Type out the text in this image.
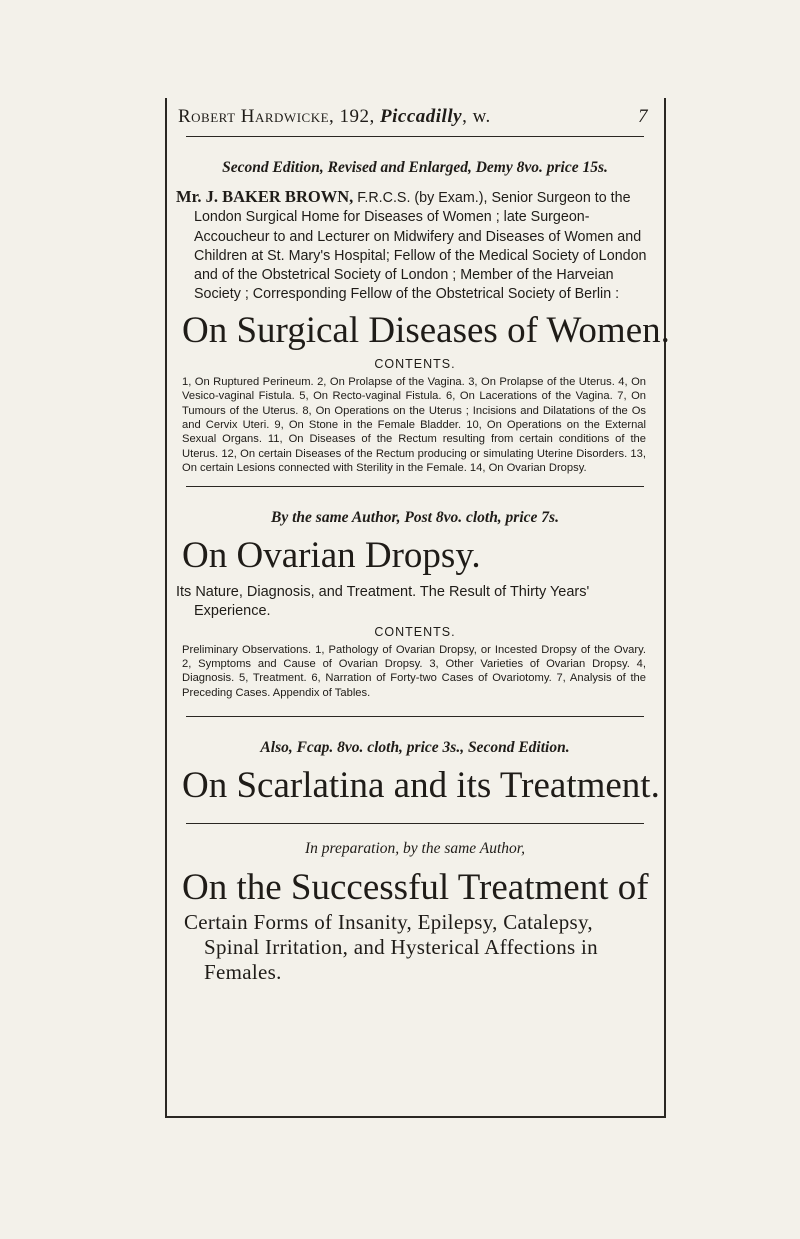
Robert Hardwicke, 192, Piccadilly, w.	7
Second Edition, Revised and Enlarged, Demy 8vo. price 15s.
Mr. J. BAKER BROWN, F.R.C.S. (by Exam.), Senior Surgeon to the London Surgical Home for Diseases of Women ; late Surgeon-Accoucheur to and Lecturer on Midwifery and Diseases of Women and Children at St. Mary's Hospital; Fellow of the Medical Society of London and of the Obstetrical Society of London ; Member of the Harveian Society ; Corresponding Fellow of the Obstetrical Society of Berlin :
On Surgical Diseases of Women.
CONTENTS.
1, On Ruptured Perineum. 2, On Prolapse of the Vagina. 3, On Prolapse of the Uterus. 4, On Vesico-vaginal Fistula. 5, On Recto-vaginal Fistula. 6, On Lacerations of the Vagina. 7, On Tumours of the Uterus. 8, On Operations on the Uterus ; Incisions and Dilatations of the Os and Cervix Uteri. 9, On Stone in the Female Bladder. 10, On Operations on the External Sexual Organs. 11, On Diseases of the Rectum resulting from certain conditions of the Uterus. 12, On certain Diseases of the Rectum producing or simulating Uterine Disorders. 13, On certain Lesions connected with Sterility in the Female. 14, On Ovarian Dropsy.
By the same Author, Post 8vo. cloth, price 7s.
On Ovarian Dropsy.
Its Nature, Diagnosis, and Treatment. The Result of Thirty Years' Experience.
CONTENTS.
Preliminary Observations. 1, Pathology of Ovarian Dropsy, or Incested Dropsy of the Ovary. 2, Symptoms and Cause of Ovarian Dropsy. 3, Other Varieties of Ovarian Dropsy. 4, Diagnosis. 5, Treatment. 6, Narration of Forty-two Cases of Ovariotomy. 7, Analysis of the Preceding Cases. Appendix of Tables.
Also, Fcap. 8vo. cloth, price 3s., Second Edition.
On Scarlatina and its Treatment.
In preparation, by the same Author,
On the Successful Treatment of
Certain Forms of Insanity, Epilepsy, Catalepsy, Spinal Irritation, and Hysterical Affections in Females.
